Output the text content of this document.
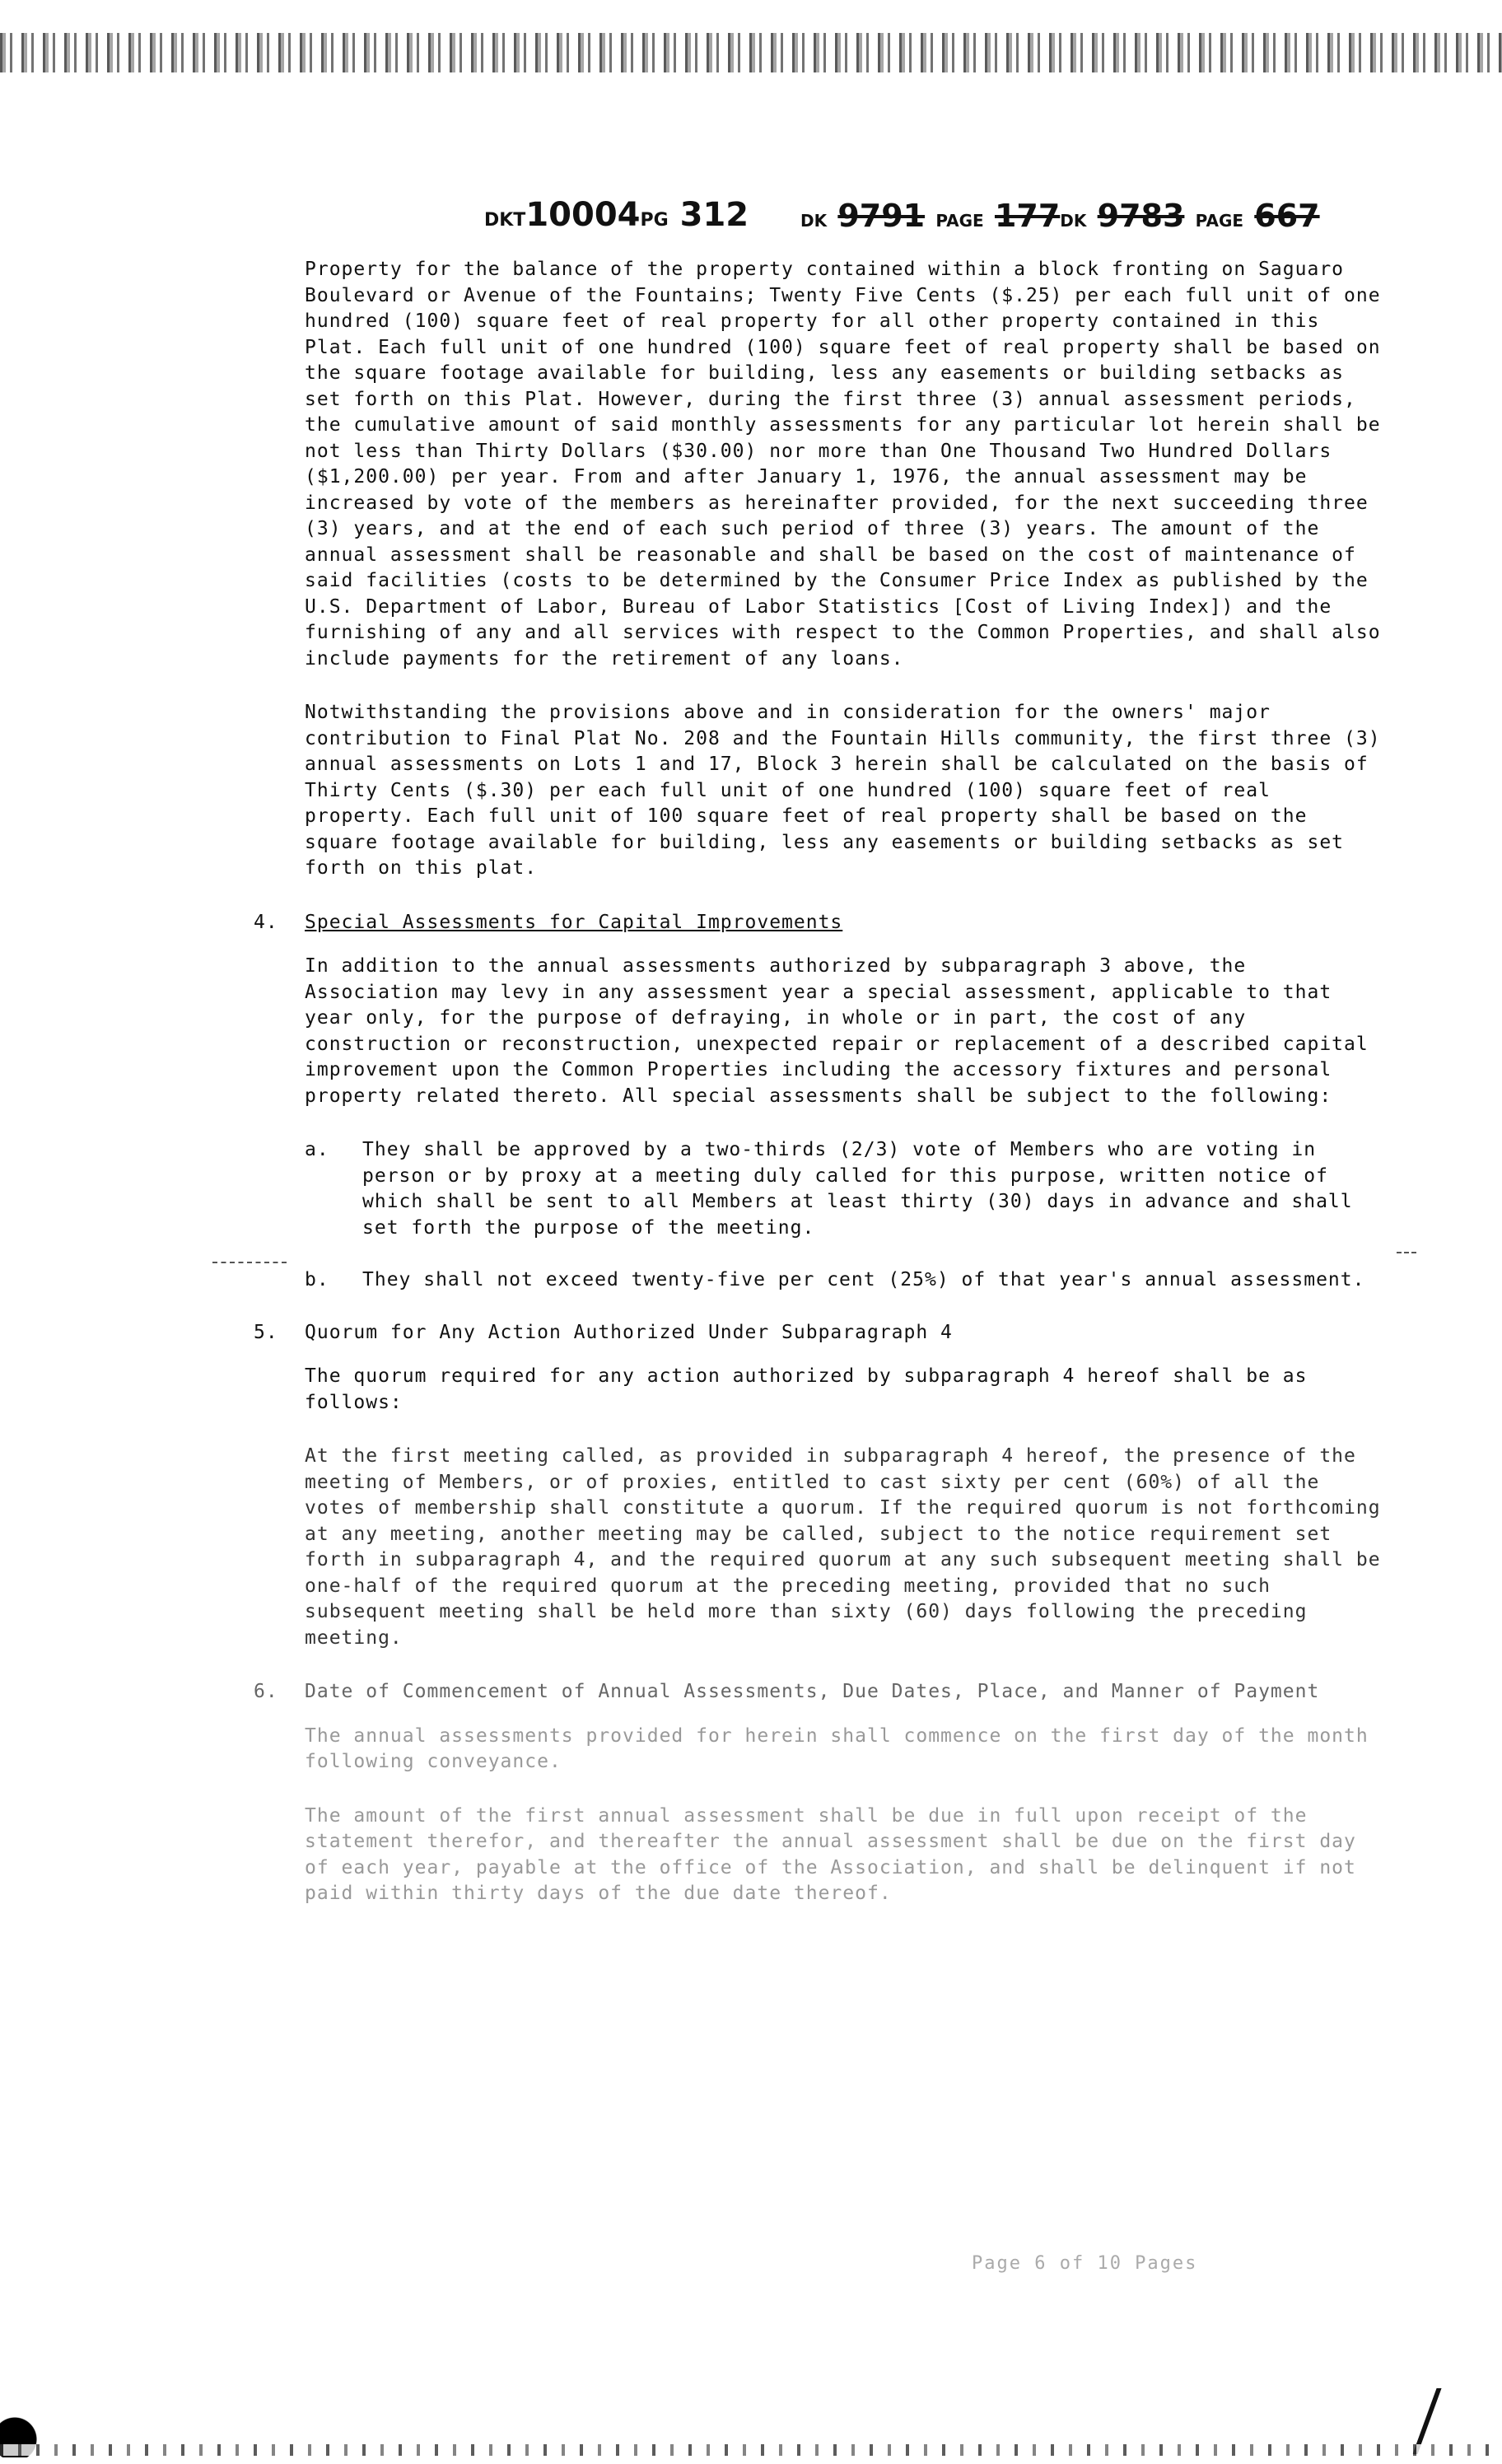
DKT10004PG 312	DK 9791 PAGE 177DK 9783 PAGE 667

Property for the balance of the property contained within a block fronting on Saguaro Boulevard or Avenue of the Fountains; Twenty Five Cents ($.25) per each full unit of one hundred (100) square feet of real property for all other property contained in this Plat. Each full unit of one hundred (100) square feet of real property shall be based on the square footage available for building, less any easements or building setbacks as set forth on this Plat. However, during the first three (3) annual assessment periods, the cumulative amount of said monthly assessments for any particular lot herein shall be not less than Thirty Dollars ($30.00) nor more than One Thousand Two Hundred Dollars ($1,200.00) per year. From and after January 1, 1976, the annual assessment may be increased by vote of the members as hereinafter provided, for the next succeeding three (3) years, and at the end of each such period of three (3) years. The amount of the annual assessment shall be reasonable and shall be based on the cost of maintenance of said facilities (costs to be determined by the Consumer Price Index as published by the U.S. Department of Labor, Bureau of Labor Statistics [Cost of Living Index]) and the furnishing of any and all services with respect to the Common Properties, and shall also include payments for the retirement of any loans.

Notwithstanding the provisions above and in consideration for the owners' major contribution to Final Plat No. 208 and the Fountain Hills community, the first three (3) annual assessments on Lots 1 and 17, Block 3 herein shall be calculated on the basis of Thirty Cents ($.30) per each full unit of one hundred (100) square feet of real property. Each full unit of 100 square feet of real property shall be based on the square footage available for building, less any easements or building setbacks as set forth on this plat.

4. Special Assessments for Capital Improvements

In addition to the annual assessments authorized by subparagraph 3 above, the Association may levy in any assessment year a special assessment, applicable to that year only, for the purpose of defraying, in whole or in part, the cost of any construction or reconstruction, unexpected repair or replacement of a described capital improvement upon the Common Properties including the accessory fixtures and personal property related thereto. All special assessments shall be subject to the following:

a. They shall be approved by a two-thirds (2/3) vote of Members who are voting in person or by proxy at a meeting duly called for this purpose, written notice of which shall be sent to all Members at least thirty (30) days in advance and shall set forth the purpose of the meeting.
b. They shall not exceed twenty-five per cent (25%) of that year's annual assessment.
5. Quorum for Any Action Authorized Under Subparagraph 4

The quorum required for any action authorized by subparagraph 4 hereof shall be as follows:

At the first meeting called, as provided in subparagraph 4 hereof, the presence of the meeting of Members, or of proxies, entitled to cast sixty per cent (60%) of all the votes of membership shall constitute a quorum. If the required quorum is not forthcoming at any meeting, another meeting may be called, subject to the notice requirement set forth in subparagraph 4, and the required quorum at any such subsequent meeting shall be one-half of the required quorum at the preceding meeting, provided that no such subsequent meeting shall be held more than sixty (60) days following the preceding meeting.

6. Date of Commencement of Annual Assessments, Due Dates, Place, and Manner of Payment

The annual assessments provided for herein shall commence on the first day of the month following conveyance.

The amount of the first annual assessment shall be due in full upon receipt of the statement therefor, and thereafter the annual assessment shall be due on the first day of each year, payable at the office of the Association, and shall be delinquent if not paid within thirty days of the due date thereof.

Page 6 of 10 Pages
